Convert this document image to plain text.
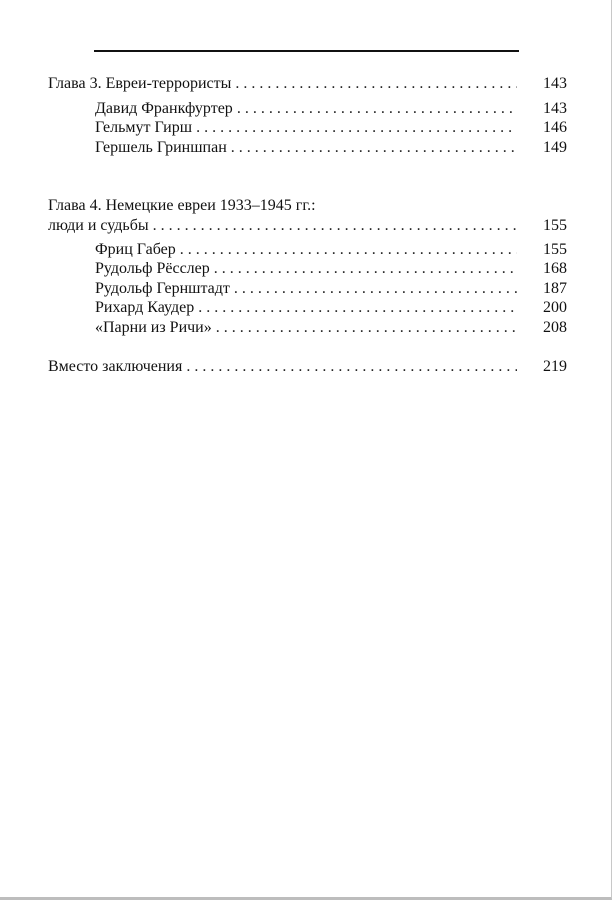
Глава 3. Евреи-террористы . . .	143
Давид Франкфуртер . . .	143
Гельмут Гирш . . .	146
Гершель Гриншпан . . .	149
Глава 4. Немецкие евреи 1933–1945 гг.:
люди и судьбы . . .	155
Фриц Габер . . .	155
Рудольф Рёсслер . . .	168
Рудольф Гернштадт . . .	187
Рихард Каудер . . .	200
«Парни из Ричи» . . .	208
Вместо заключения . . .	219
